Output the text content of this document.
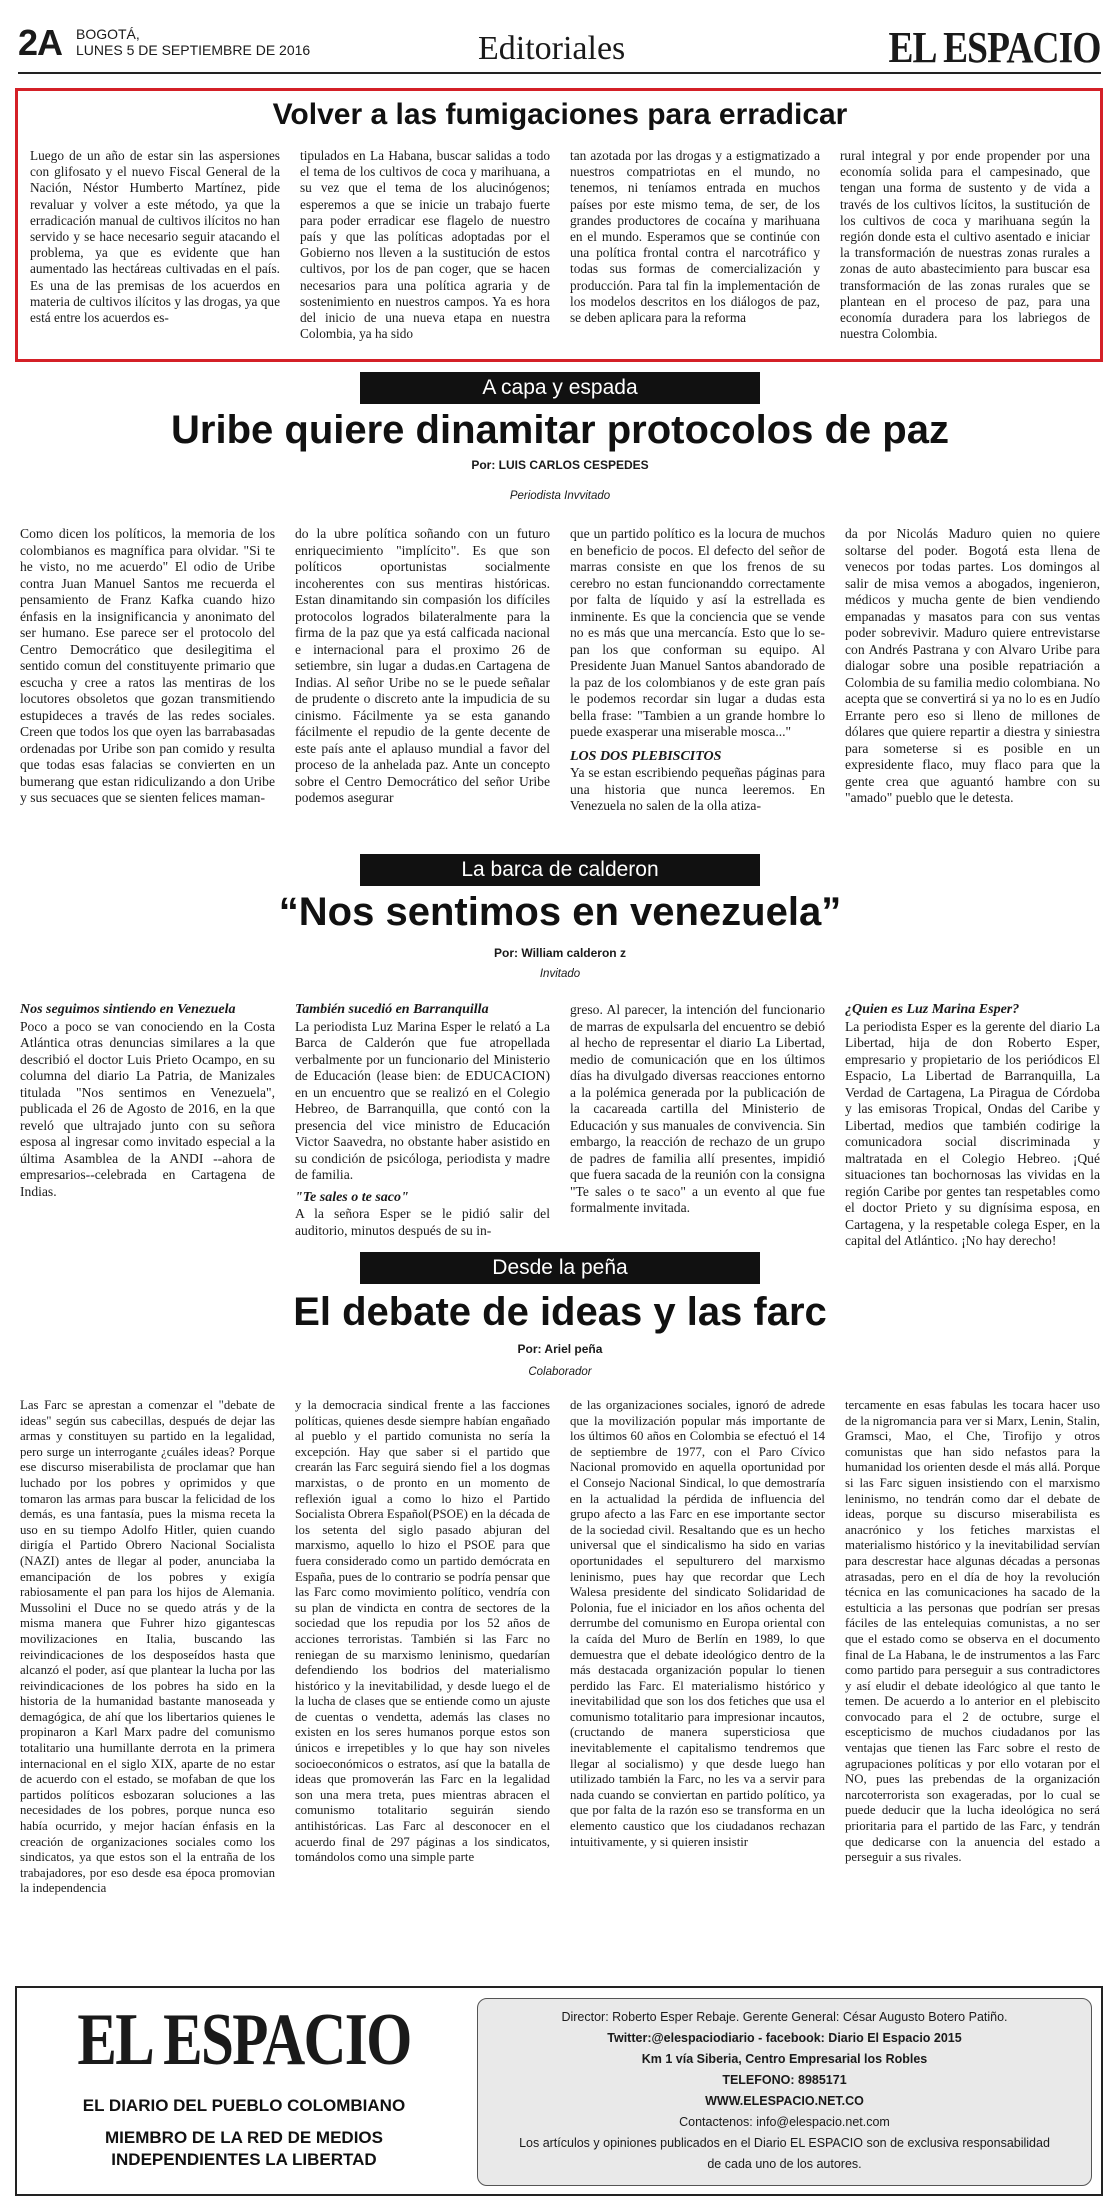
2A BOGOTÁ,
LUNES 5 DE SEPTIEMBRE DE 2016	Editoriales	EL ESPACIO
Volver a las fumigaciones para erradicar

Luego de un año de estar sin las aspersiones con glifosato y el nuevo Fiscal General de la Nación, Néstor Humberto Martínez, pide revaluar y volver a este método, ya que la erradicación manual de cultivos ilícitos no han servido y se hace necesario seguir atacando el problema, ya que es evidente que han aumentado las hectáreas cultivadas en el país. Es una de las premisas de los acuerdos en materia de cultivos ilícitos y las drogas, ya que está entre los acuerdos es-

tipulados en La Habana, buscar salidas a todo el tema de los cultivos de coca y marihuana, a su vez que el tema de los alucinógenos; esperemos a que se inicie un trabajo fuerte para poder erradicar ese flagelo de nuestro país y que las políticas adoptadas por el Gobierno nos lleven a la sustitución de estos cultivos, por los de pan coger, que se hacen necesarios para una política agraria y de sostenimiento en nuestros campos. Ya es hora del inicio de una nueva etapa en nuestra Colombia, ya ha sido

tan azotada por las drogas y a estigmatizado a nuestros compatriotas en el mundo, no tenemos, ni teníamos entrada en muchos países por este mismo tema, de ser, de los grandes productores de cocaína y marihuana en el mundo. Esperamos que se continúe con una política frontal contra el narcotráfico y todas sus formas de comercialización y producción. Para tal fin la implementación de los modelos descritos en los diálogos de paz, se deben aplicara para la reforma

rural integral y por ende propender por una economía solida para el campesinado, que tengan una forma de sustento y de vida a través de los cultivos lícitos, la sustitución de los cultivos de coca y marihuana según la región donde esta el cultivo asentado e iniciar la transformación de nuestras zonas rurales a zonas de auto abastecimiento para buscar esa transformación de las zonas rurales que se plantean en el proceso de paz, para una economía duradera para los labriegos de nuestra Colombia.

A capa y espada
Uribe quiere dinamitar protocolos de paz
Por: LUIS CARLOS CESPEDES
Periodista Invvitado

Como dicen los políticos, la memoria de los colombianos es magnífica para olvidar. "Si te he visto, no me acuerdo" El odio de Uribe contra Juan Manuel Santos me recuerda el pensamiento de Franz Kafka cuando hizo énfasis en la insignificancia y anonimato del ser humano. Ese parece ser el protocolo del Centro Democrático que desilegitima el sentido comun del constituyente primario que escucha y cree a ratos las mentiras de los locutores obsoletos que gozan transmitiendo estupideces a través de las redes sociales. Creen que todos los que oyen las barrabasadas ordenadas por Uribe son pan comido y resulta que todas esas falacias se convierten en un bumerang que estan ridiculizando a don Uribe y sus secuaces que se sienten felices maman-

do la ubre política soñando con un futuro enriquecimiento "implícito". Es que son políticos oportunistas socialmente incoherentes con sus mentiras históricas. Estan dinamitando sin compasión los difíciles protocolos logrados bilateralmente para la firma de la paz que ya está calficada nacional e internacional para el proximo 26 de setiembre, sin lugar a dudas.en Cartagena de Indias. Al señor Uribe no se le puede señalar de prudente o discreto ante la impudicia de su cinismo. Fácilmente ya se esta ganando fácilmente el repudio de la gente decente de este país ante el aplauso mundial a favor del proceso de la anhelada paz. Ante un concepto sobre el Centro Democrático del señor Uribe podemos asegurar

que un partido político es la locura de muchos en beneficio de pocos. El defecto del señor de marras consiste en que los frenos de su cerebro no estan funcionanddo correctamente por falta de líquido y así la estrellada es inminente. Es que la conciencia que se vende no es más que una mercancía. Esto que lo se-pan los que conforman su equipo. Al Presidente Juan Manuel Santos abandorado de la paz de los colombianos y de este gran país le podemos recordar sin lugar a dudas esta bella frase: "Tambien a un grande hombre lo puede exasperar una miserable mosca..."

LOS DOS PLEBISCITOS

Ya se estan escribiendo pequeñas páginas para una historia que nunca leeremos. En Venezuela no salen de la olla atiza-

da por Nicolás Maduro quien no quiere soltarse del poder. Bogotá esta llena de venecos por todas partes. Los domingos al salir de misa vemos a abogados, ingenieron, médicos y mucha gente de bien vendiendo empanadas y masatos para con sus ventas poder sobrevivir. Maduro quiere entrevistarse con Andrés Pastrana y con Alvaro Uribe para dialogar sobre una posible repatriación a Colombia de su familia medio colombiana. No acepta que se convertirá si ya no lo es en Judío Errante pero eso si lleno de millones de dólares que quiere repartir a diestra y siniestra para someterse si es posible en un expresidente flaco, muy flaco para que la gente crea que aguantó hambre con su "amado" pueblo que le detesta.

La barca de calderon
“Nos sentimos en venezuela”
Por: William calderon z
Invitado

Nos seguimos sintiendo en Venezuela

Poco a poco se van conociendo en la Costa Atlántica otras denuncias similares a la que describió el doctor Luis Prieto Ocampo, en su columna del diario La Patria, de Manizales titulada "Nos sentimos en Venezuela", publicada el 26 de Agosto de 2016, en la que reveló que ultrajado junto con su señora esposa al ingresar como invitado especial a la última Asamblea de la ANDI --ahora de empresarios--celebrada en Cartagena de Indias.

También sucedió en Barranquilla

La periodista Luz Marina Esper le relató a La Barca de Calderón que fue atropellada verbalmente por un funcionario del Ministerio de Educación (lease bien: de EDUCACION) en un encuentro que se realizó en el Colegio Hebreo, de Barranquilla, que contó con la presencia del vice ministro de Educación Victor Saavedra, no obstante haber asistido en su condición de psicóloga, periodista y madre de familia.

"Te sales o te saco"

A la señora Esper se le pidió salir del auditorio, minutos después de su in-

greso. Al parecer, la intención del funcionario de marras de expulsarla del encuentro se debió al hecho de representar el diario La Libertad, medio de comunicación que en los últimos días ha divulgado diversas reacciones entorno a la polémica generada por la publicación de la cacareada cartilla del Ministerio de Educación y sus manuales de convivencia. Sin embargo, la reacción de rechazo de un grupo de padres de familia allí presentes, impidió que fuera sacada de la reunión con la consigna "Te sales o te saco" a un evento al que fue formalmente invitada.

¿Quien es Luz Marina Esper?

La periodista Esper es la gerente del diario La Libertad, hija de don Roberto Esper, empresario y propietario de los periódicos El Espacio, La Libertad de Barranquilla, La Verdad de Cartagena, La Piragua de Córdoba y las emisoras Tropical, Ondas del Caribe y Libertad, medios que también codirige la comunicadora social discriminada y maltratada en el Colegio Hebreo. ¡Qué situaciones tan bochornosas las vividas en la región Caribe por gentes tan respetables como el doctor Prieto y su dignísima esposa, en Cartagena, y la respetable colega Esper, en la capital del Atlántico. ¡No hay derecho!

Desde la peña
El debate de ideas y las farc
Por: Ariel peña
Colaborador

Las Farc se aprestan a comenzar el "debate de ideas" según sus cabecillas, después de dejar las armas y constituyen su partido en la legalidad, pero surge un interrogante ¿cuáles ideas? Porque ese discurso miserabilista de proclamar que han luchado por los pobres y oprimidos y que tomaron las armas para buscar la felicidad de los demás, es una fantasía, pues la misma receta la uso en su tiempo Adolfo Hitler, quien cuando dirigía el Partido Obrero Nacional Socialista (NAZI) antes de llegar al poder, anunciaba la emancipación de los pobres y exigía rabiosamente el pan para los hijos de Alemania. Mussolini el Duce no se quedo atrás y de la misma manera que Fuhrer hizo gigantescas movilizaciones en Italia, buscando las reivindicaciones de los desposeídos hasta que alcanzó el poder, así que plantear la lucha por las reivindicaciones de los pobres ha sido en la historia de la humanidad bastante manoseada y demagógica, de ahí que los libertarios quienes le propinaron a Karl Marx padre del comunismo totalitario una humillante derrota en la primera internacional en el siglo XIX, aparte de no estar de acuerdo con el estado, se mofaban de que los partidos políticos esbozaran soluciones a las necesidades de los pobres, porque nunca eso había ocurrido, y mejor hacían énfasis en la creación de organizaciones sociales como los sindicatos, ya que estos son el la entraña de los trabajadores, por eso desde esa época promovian la independencia

y la democracia sindical frente a las facciones políticas, quienes desde siempre habían engañado al pueblo y el partido comunista no sería la excepción. Hay que saber si el partido que crearán las Farc seguirá siendo fiel a los dogmas marxistas, o de pronto en un momento de reflexión igual a como lo hizo el Partido Socialista Obrera Español(PSOE) en la década de los setenta del siglo pasado abjuran del marxismo, aquello lo hizo el PSOE para que fuera considerado como un partido demócrata en España, pues de lo contrario se podría pensar que las Farc como movimiento político, vendría con su plan de vindicta en contra de sectores de la sociedad que los repudia por los 52 años de acciones terroristas. También si las Farc no reniegan de su marxismo leninismo, quedarían defendiendo los bodrios del materialismo histórico y la inevitabilidad, y desde luego el de la lucha de clases que se entiende como un ajuste de cuentas o vendetta, además las clases no existen en los seres humanos porque estos son únicos e irrepetibles y lo que hay son niveles socioeconómicos o estratos, así que la batalla de ideas que promoverán las Farc en la legalidad son una mera treta, pues mientras abracen el comunismo totalitario seguirán siendo antihistóricas. Las Farc al desconocer en el acuerdo final de 297 páginas a los sindicatos, tomándolos como una simple parte

de las organizaciones sociales, ignoró de adrede que la movilización popular más importante de los últimos 60 años en Colombia se efectuó el 14 de septiembre de 1977, con el Paro Cívico Nacional promovido en aquella oportunidad por el Consejo Nacional Sindical, lo que demostraría en la actualidad la pérdida de influencia del grupo afecto a las Farc en ese importante sector de la sociedad civil. Resaltando que es un hecho universal que el sindicalismo ha sido en varias oportunidades el sepulturero del marxismo leninismo, pues hay que recordar que Lech Walesa presidente del sindicato Solidaridad de Polonia, fue el iniciador en los años ochenta del derrumbe del comunismo en Europa oriental con la caída del Muro de Berlín en 1989, lo que demuestra que el debate ideológico dentro de la más destacada organización popular lo tienen perdido las Farc. El materialismo histórico y inevitabilidad que son los dos fetiches que usa el comunismo totalitario para impresionar incautos,(cructando de manera supersticiosa que inevitablemente el capitalismo tendremos que llegar al socialismo) y que desde luego han utilizado también la Farc, no les va a servir para nada cuando se conviertan en partido político, ya que por falta de la razón eso se transforma en un elemento caustico que los ciudadanos rechazan intuitivamente, y si quieren insistir

tercamente en esas fabulas les tocara hacer uso de la nigromancia para ver si Marx, Lenin, Stalin, Gramsci, Mao, el Che, Tirofijo y otros comunistas que han sido nefastos para la humanidad los orienten desde el más allá. Porque si las Farc siguen insistiendo con el marxismo leninismo, no tendrán como dar el debate de ideas, porque su discurso miserabilista es anacrónico y los fetiches marxistas el materialismo histórico y la inevitabilidad servían para descrestar hace algunas décadas a personas atrasadas, pero en el día de hoy la revolución técnica en las comunicaciones ha sacado de la estulticia a las personas que podrían ser presas fáciles de las entelequias comunistas, a no ser que el estado como se observa en el documento final de La Habana, le de instrumentos a las Farc como partido para perseguir a sus contradictores y así eludir el debate ideológico al que tanto le temen. De acuerdo a lo anterior en el plebiscito convocado para el 2 de octubre, surge el escepticismo de muchos ciudadanos por las ventajas que tienen las Farc sobre el resto de agrupaciones políticas y por ello votaran por el NO, pues las prebendas de la organización narcoterrorista son exageradas, por lo cual se puede deducir que la lucha ideológica no será prioritaria para el partido de las Farc, y tendrán que dedicarse con la anuencia del estado a perseguir a sus rivales.

EL ESPACIO
EL DIARIO DEL PUEBLO COLOMBIANO
MIEMBRO DE LA RED DE MEDIOS
INDEPENDIENTES LA LIBERTAD
Director: Roberto Esper Rebaje. Gerente General: César Augusto Botero Patiño.
Twitter:@elespaciodiario - facebook: Diario El Espacio 2015
Km 1 vía Siberia, Centro Empresarial los Robles
TELEFONO: 8985171
WWW.ELESPACIO.NET.CO
Contactenos: info@elespacio.net.com
Los artículos y opiniones publicados en el Diario EL ESPACIO son de exclusiva responsabilidad
de cada uno de los autores.
